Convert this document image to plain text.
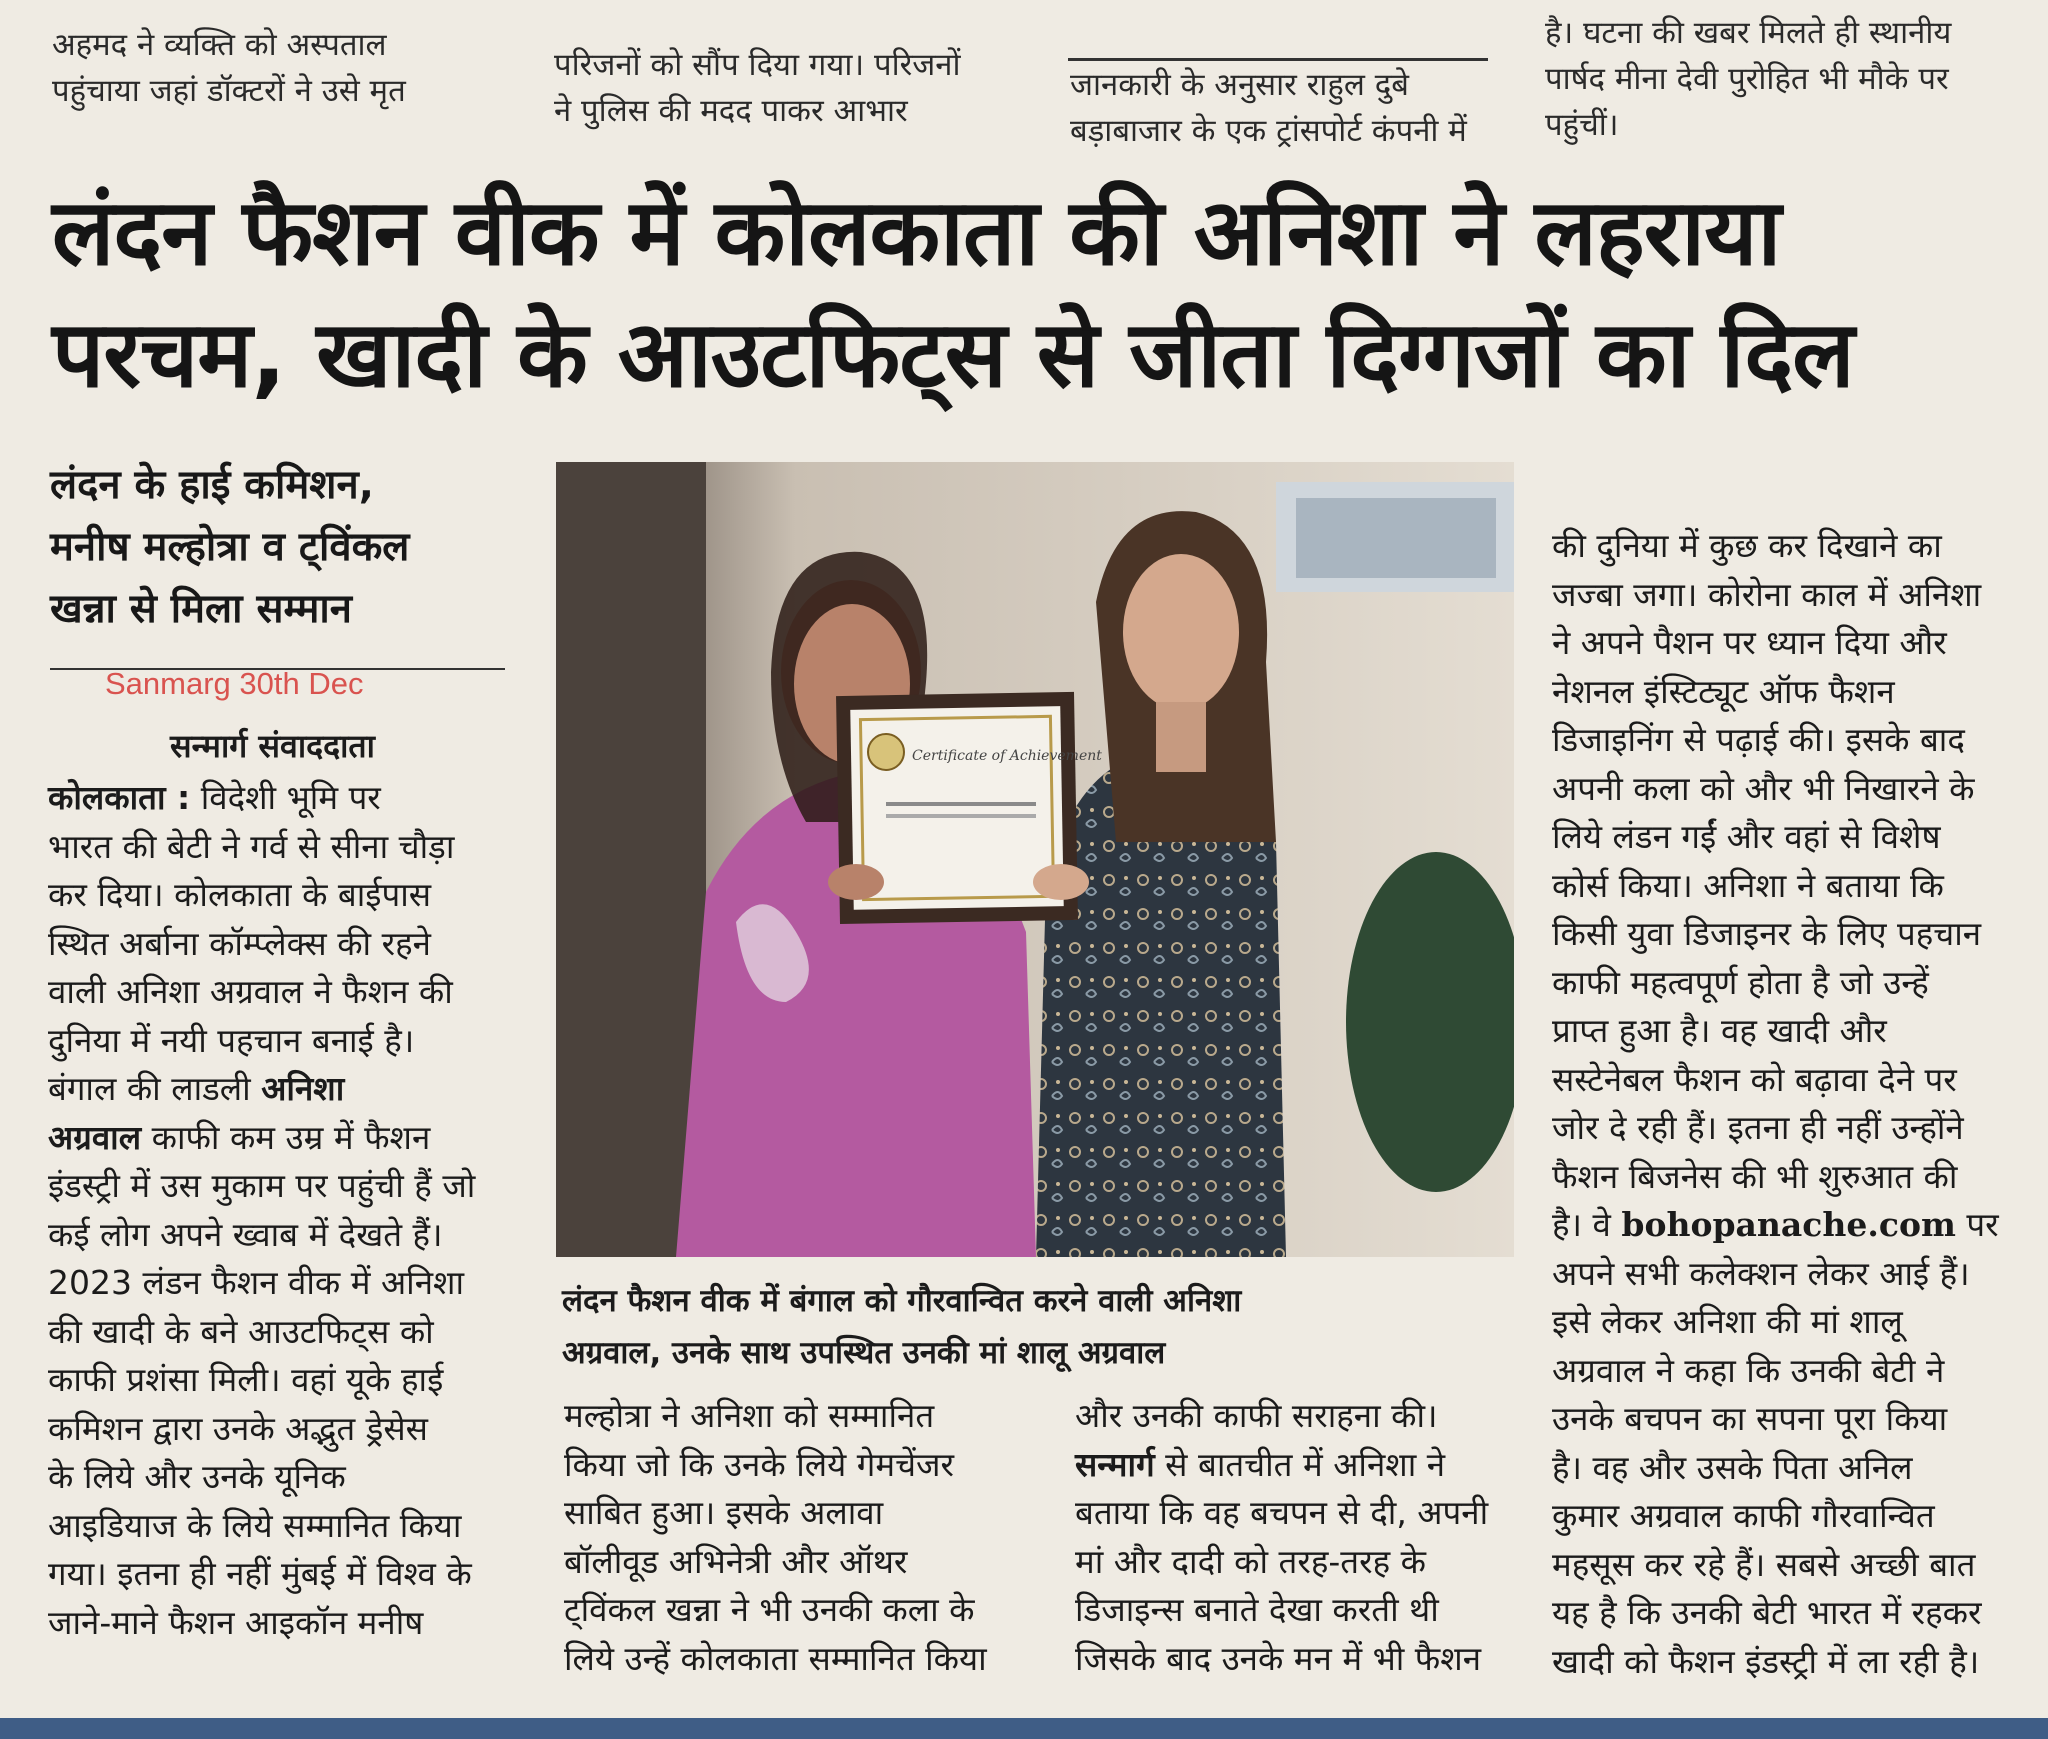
अहमद ने व्यक्ति को अस्पताल

पहुंचाया जहां डॉक्टरों ने उसे मृत

परिजनों को सौंप दिया गया। परिजनों

ने पुलिस की मदद पाकर आभार

जानकारी के अनुसार राहुल दुबे

बड़ाबाजार के एक ट्रांसपोर्ट कंपनी में

है। घटना की खबर मिलते ही स्थानीय

पार्षद मीना देवी पुरोहित भी मौके पर

पहुंचीं।

लंदन फैशन वीक में कोलकाता की अनिशा ने लहराया
परचम, खादी के आउटफिट्स से जीता दिग्गजों का दिल
लंदन के हाई कमिशन,
मनीष मल्होत्रा व ट्विंकल
खन्ना से मिला सम्मान
Sanmarg 30th Dec
सन्मार्ग संवाददाता

कोलकाता : विदेशी भूमि पर

भारत की बेटी ने गर्व से सीना चौड़ा

कर दिया। कोलकाता के बाईपास

स्थित अर्बाना कॉम्प्लेक्स की रहने

वाली अनिशा अग्रवाल ने फैशन की

दुनिया में नयी पहचान बनाई है।

बंगाल की लाडली अनिशा

अग्रवाल काफी कम उम्र में फैशन

इंडस्ट्री में उस मुकाम पर पहुंची हैं जो

कई लोग अपने ख्वाब में देखते हैं।

2023 लंडन फैशन वीक में अनिशा

की खादी के बने आउटफिट्स को

काफी प्रशंसा मिली। वहां यूके हाई

कमिशन द्वारा उनके अद्भुत ड्रेसेस

के लिये और उनके यूनिक

आइडियाज के लिये सम्मानित किया

गया। इतना ही नहीं मुंबई में विश्व के

जाने-माने फैशन आइकॉन मनीष

Certificate of Achievement
लंदन फैशन वीक में बंगाल को गौरवान्वित करने वाली अनिशा
अग्रवाल, उनके साथ उपस्थित उनकी मां शालू अग्रवाल

मल्होत्रा ने अनिशा को सम्मानित

किया जो कि उनके लिये गेमचेंजर

साबित हुआ। इसके अलावा

बॉलीवूड अभिनेत्री और ऑथर

ट्विंकल खन्ना ने भी उनकी कला के

लिये उन्हें कोलकाता सम्मानित किया

और उनकी काफी सराहना की।

सन्मार्ग से बातचीत में अनिशा ने

बताया कि वह बचपन से दी, अपनी

मां और दादी को तरह-तरह के

डिजाइन्स बनाते देखा करती थी

जिसके बाद उनके मन में भी फैशन

की दुनिया में कुछ कर दिखाने का

जज्बा जगा। कोरोना काल में अनिशा

ने अपने पैशन पर ध्यान दिया और

नेशनल इंस्टिट्यूट ऑफ फैशन

डिजाइनिंग से पढ़ाई की। इसके बाद

अपनी कला को और भी निखारने के

लिये लंडन गईं और वहां से विशेष

कोर्स किया। अनिशा ने बताया कि

किसी युवा डिजाइनर के लिए पहचान

काफी महत्वपूर्ण होता है जो उन्हें

प्राप्त हुआ है। वह खादी और

सस्टेनेबल फैशन को बढ़ावा देने पर

जोर दे रही हैं। इतना ही नहीं उन्होंने

फैशन बिजनेस की भी शुरुआत की

है। वे bohopanache.com पर

अपने सभी कलेक्शन लेकर आई हैं।

इसे लेकर अनिशा की मां शालू

अग्रवाल ने कहा कि उनकी बेटी ने

उनके बचपन का सपना पूरा किया

है। वह और उसके पिता अनिल

कुमार अग्रवाल काफी गौरवान्वित

महसूस कर रहे हैं। सबसे अच्छी बात

यह है कि उनकी बेटी भारत में रहकर

खादी को फैशन इंडस्ट्री में ला रही है।
